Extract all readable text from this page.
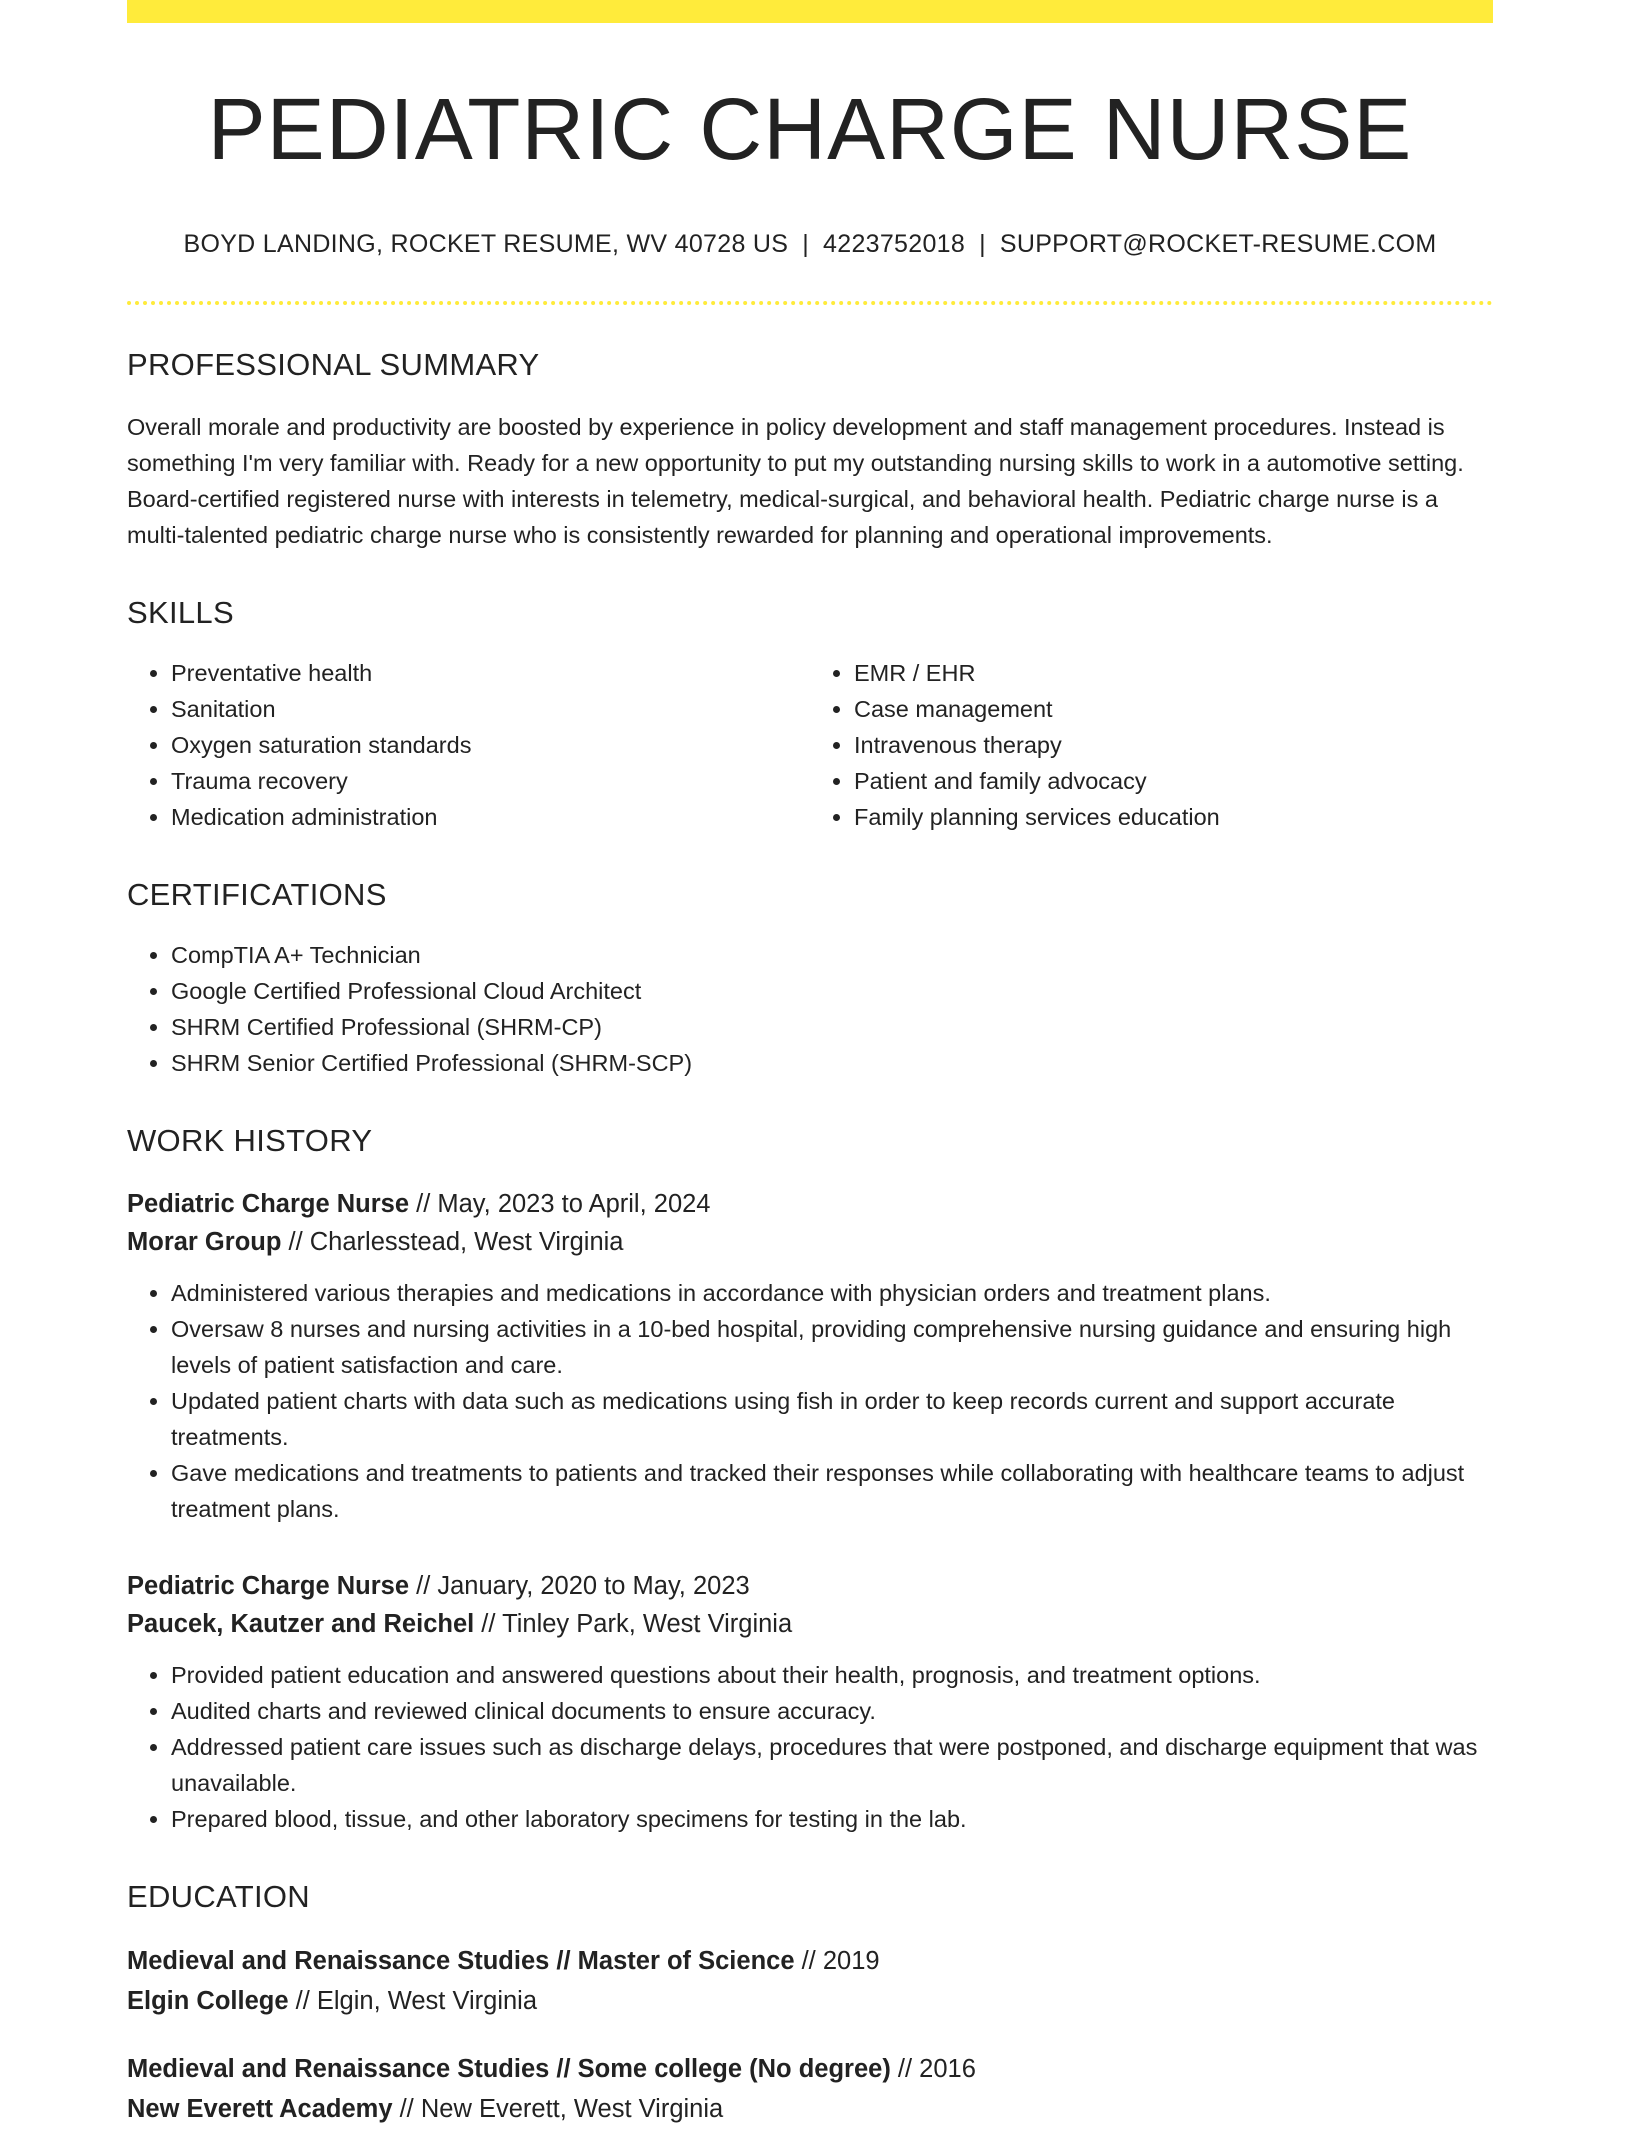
PEDIATRIC CHARGE NURSE
BOYD LANDING, ROCKET RESUME, WV 40728 US | 4223752018 | SUPPORT@ROCKET-RESUME.COM
PROFESSIONAL SUMMARY

Overall morale and productivity are boosted by experience in policy development and staff management procedures. Instead is something I'm very familiar with. Ready for a new opportunity to put my outstanding nursing skills to work in a automotive setting. Board-certified registered nurse with interests in telemetry, medical-surgical, and behavioral health. Pediatric charge nurse is a multi-talented pediatric charge nurse who is consistently rewarded for planning and operational improvements.

SKILLS
• Preventative health
• Sanitation
• Oxygen saturation standards
• Trauma recovery
• Medication administration
• EMR / EHR
• Case management
• Intravenous therapy
• Patient and family advocacy
• Family planning services education
CERTIFICATIONS
• CompTIA A+ Technician
• Google Certified Professional Cloud Architect
• SHRM Certified Professional (SHRM-CP)
• SHRM Senior Certified Professional (SHRM-SCP)
WORK HISTORY
Pediatric Charge Nurse // May, 2023 to April, 2024
Morar Group // Charlesstead, West Virginia
• Administered various therapies and medications in accordance with physician orders and treatment plans.
• Oversaw 8 nurses and nursing activities in a 10-bed hospital, providing comprehensive nursing guidance and ensuring high levels of patient satisfaction and care.
• Updated patient charts with data such as medications using fish in order to keep records current and support accurate treatments.
• Gave medications and treatments to patients and tracked their responses while collaborating with healthcare teams to adjust treatment plans.
Pediatric Charge Nurse // January, 2020 to May, 2023
Paucek, Kautzer and Reichel // Tinley Park, West Virginia
• Provided patient education and answered questions about their health, prognosis, and treatment options.
• Audited charts and reviewed clinical documents to ensure accuracy.
• Addressed patient care issues such as discharge delays, procedures that were postponed, and discharge equipment that was unavailable.
• Prepared blood, tissue, and other laboratory specimens for testing in the lab.
EDUCATION
Medieval and Renaissance Studies // Master of Science // 2019
Elgin College // Elgin, West Virginia
Medieval and Renaissance Studies // Some college (No degree) // 2016
New Everett Academy // New Everett, West Virginia
